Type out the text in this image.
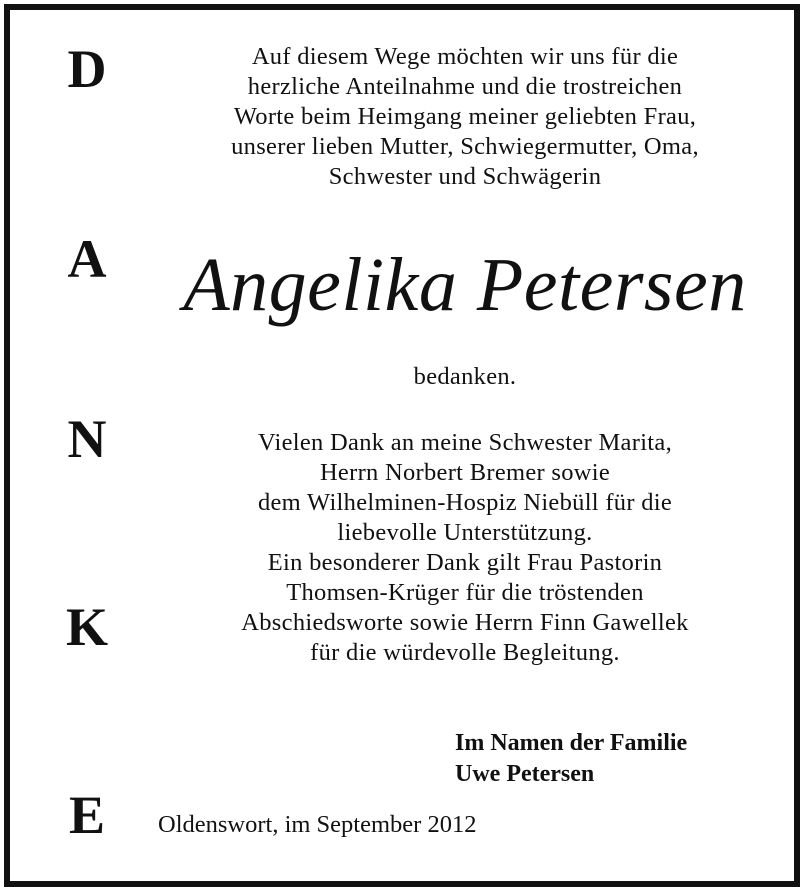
D
A
N
K
E
Auf diesem Wege möchten wir uns für die
herzliche Anteilnahme und die trostreichen
Worte beim Heimgang meiner geliebten Frau,
unserer lieben Mutter, Schwiegermutter, Oma,
Schwester und Schwägerin
Angelika Petersen
bedanken.
Vielen Dank an meine Schwester Marita,
Herrn Norbert Bremer sowie
dem Wilhelminen-Hospiz Niebüll für die
liebevolle Unterstützung.
Ein besonderer Dank gilt Frau Pastorin
Thomsen-Krüger für die tröstenden
Abschiedsworte sowie Herrn Finn Gawellek
für die würdevolle Begleitung.
Im Namen der Familie
Uwe Petersen
Oldenswort, im September 2012
